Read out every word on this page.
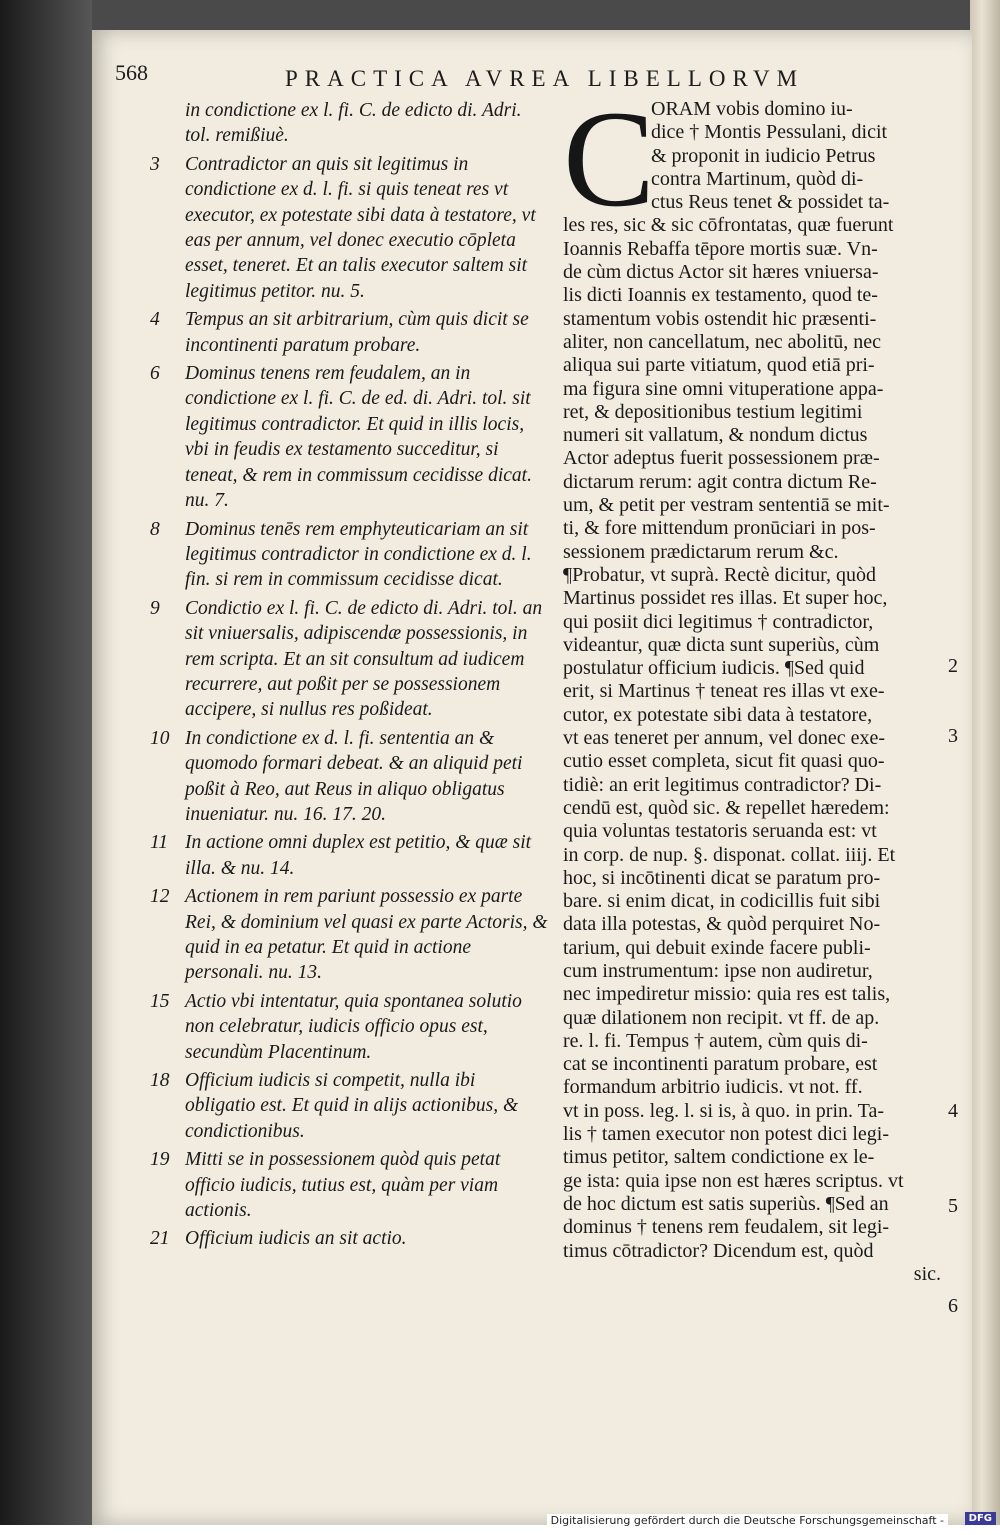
568	PRACTICA AVREA LIBELLORVM
in condictione ex l. fi. C. de edicto di. Adri. tol. remißiuè.
3	Contradictor an quis sit legitimus in condictione ex d. l. fi. si quis teneat res vt executor, ex potestate sibi data à testatore, vt eas per annum, vel donec executio cōpleta esset, teneret. Et an talis executor saltem sit legitimus petitor. nu. 5.
4	Tempus an sit arbitrarium, cùm quis dicit se incontinenti paratum probare.
6	Dominus tenens rem feudalem, an in condictione ex l. fi. C. de ed. di. Adri. tol. sit legitimus contradictor. Et quid in illis locis, vbi in feudis ex testamento succeditur, si teneat, & rem in commissum cecidisse dicat. nu. 7.
8	Dominus tenēs rem emphyteuticariam an sit legitimus contradictor in condictione ex d. l. fin. si rem in commissum cecidisse dicat.
9	Condictio ex l. fi. C. de edicto di. Adri. tol. an sit vniuersalis, adipiscendæ possessionis, in rem scripta. Et an sit consultum ad iudicem recurrere, aut poßit per se possessionem accipere, si nullus res poßideat.
10 In condictione ex d. l. fi. sententia an & quomodo formari debeat. & an aliquid peti poßit à Reo, aut Reus in aliquo obligatus inueniatur. nu. 16. 17. 20.
11 In actione omni duplex est petitio, & quæ sit illa. & nu. 14.
12 Actionem in rem pariunt possessio ex parte Rei, & dominium vel quasi ex parte Actoris, & quid in ea petatur. Et quid in actione personali. nu. 13.
15 Actio vbi intentatur, quia spontanea solutio non celebratur, iudicis officio opus est, secundùm Placentinum.
18 Officium iudicis si competit, nulla ibi obligatio est. Et quid in alijs actionibus, & condictionibus.
19 Mitti se in possessionem quòd quis petat officio iudicis, tutius est, quàm per viam actionis.
21 Officium iudicis an sit actio.
C
ORAM vobis domino iu-
dice † Montis Pessulani, dicit
& proponit in iudicio Petrus
contra Martinum, quòd di-
ctus Reus tenet & possidet ta-
les res, sic & sic cōfrontatas, quæ fuerunt
Ioannis Rebaffa tēpore mortis suæ. Vn-
de cùm dictus Actor sit hæres vniuersa-
lis dicti Ioannis ex testamento, quod te-
stamentum vobis ostendit hic præsenti-
aliter, non cancellatum, nec abolitū, nec
aliqua sui parte vitiatum, quod etiā pri-
ma figura sine omni vituperatione appa-
ret, & depositionibus testium legitimi
numeri sit vallatum, & nondum dictus
Actor adeptus fuerit possessionem præ-
dictarum rerum: agit contra dictum Re-
um, & petit per vestram sententiā se mit-
ti, & fore mittendum pronūciari in pos-
sessionem prædictarum rerum &c.
¶Probatur, vt suprà. Rectè dicitur, quòd
Martinus possidet res illas. Et super hoc,
qui posiit dici legitimus † contradictor,
videantur, quæ dicta sunt superiùs, cùm
postulatur officium iudicis. ¶Sed quid
erit, si Martinus † teneat res illas vt exe-
cutor, ex potestate sibi data à testatore,
vt eas teneret per annum, vel donec exe-
cutio esset completa, sicut fit quasi quo-
tidiè: an erit legitimus contradictor? Di-
cendū est, quòd sic. & repellet hæredem:
quia voluntas testatoris seruanda est: vt
in corp. de nup. §. disponat. collat. iiij. Et
hoc, si incōtinenti dicat se paratum pro-
bare. si enim dicat, in codicillis fuit sibi
data illa potestas, & quòd perquiret No-
tarium, qui debuit exinde facere publi-
cum instrumentum: ipse non audiretur,
nec impediretur missio: quia res est talis,
quæ dilationem non recipit. vt ff. de ap.
re. l. fi. Tempus † autem, cùm quis di-
cat se incontinenti paratum probare, est
formandum arbitrio iudicis. vt not. ff.
vt in poss. leg. l. si is, à quo. in prin. Ta-
lis † tamen executor non potest dici legi-
timus petitor, saltem condictione ex le-
ge ista: quia ipse non est hæres scriptus. vt
de hoc dictum est satis superiùs. ¶Sed an
dominus † tenens rem feudalem, sit legi-
timus cōtradictor? Dicendum est, quòd
sic.
2
3
4
5
6
Digitalisierung gefördert durch die Deutsche Forschungsgemeinschaft -	DFG
